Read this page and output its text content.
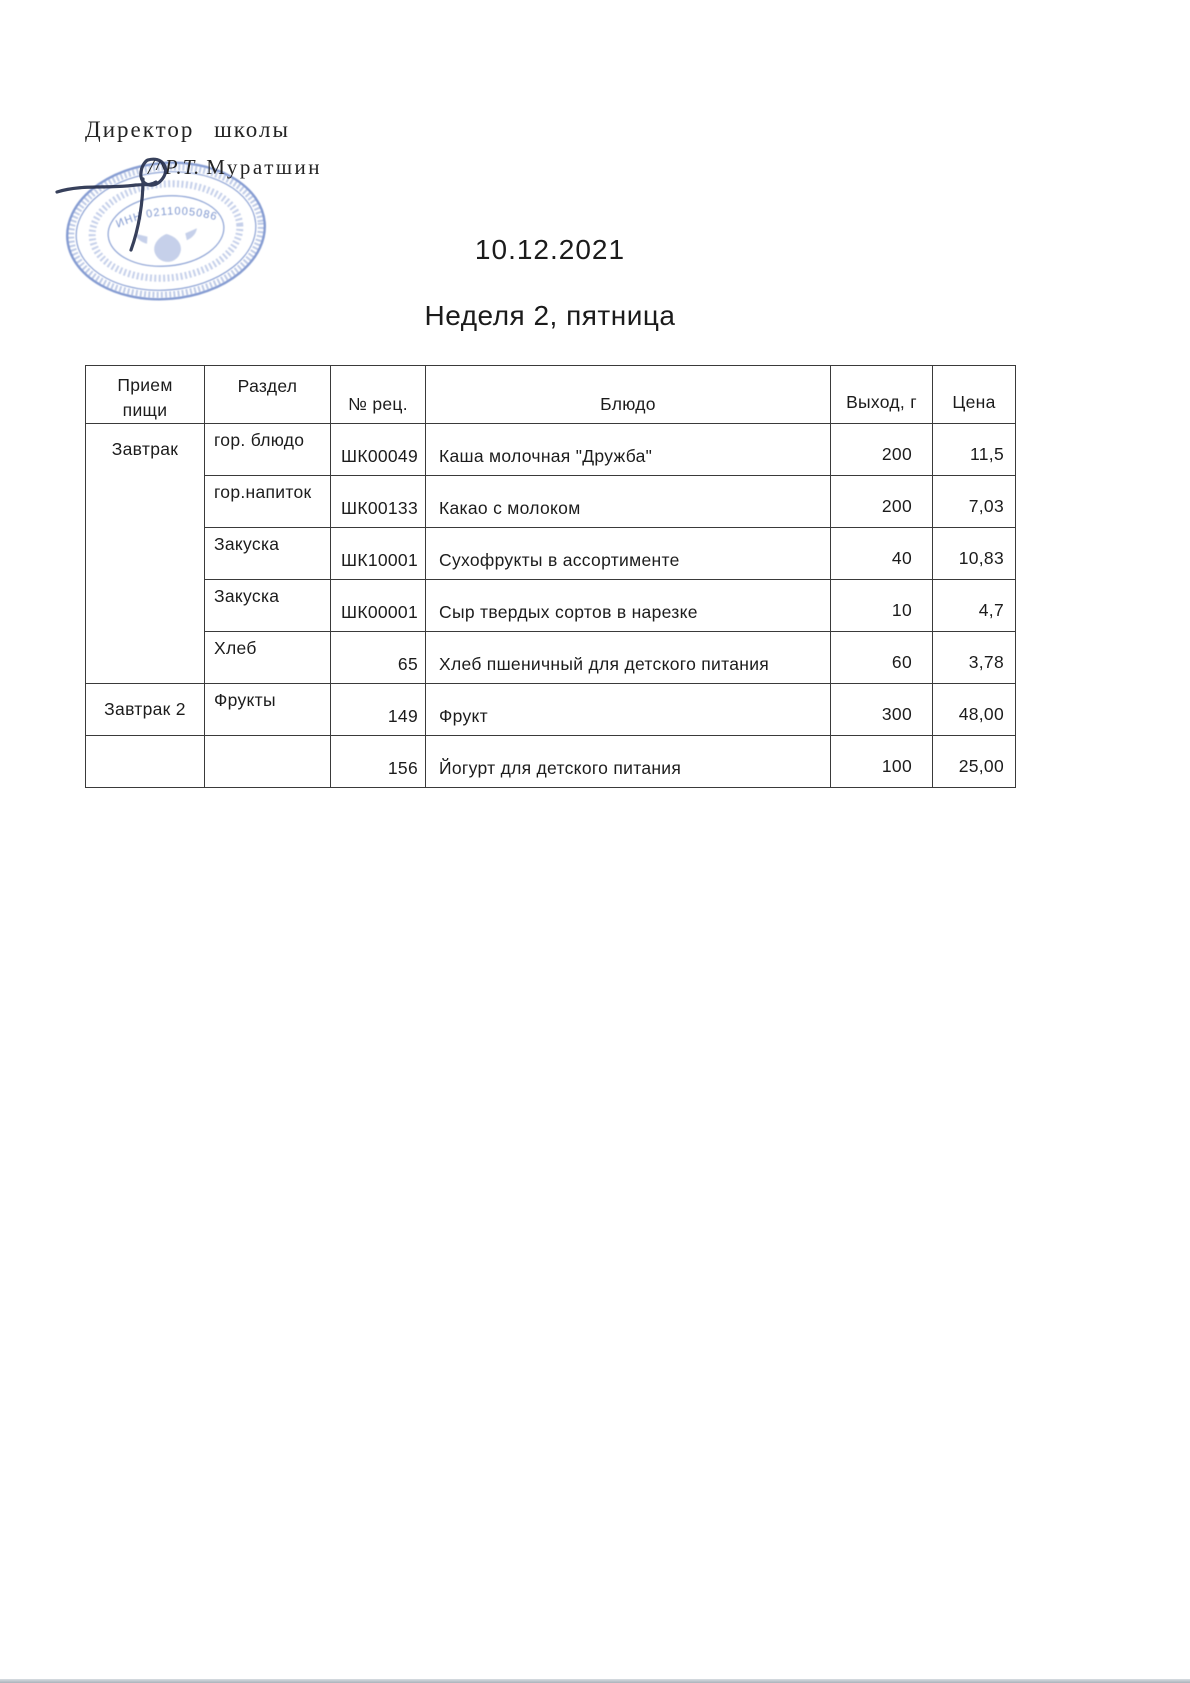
Директор школы
ИНН 0211005086
/^Р.Т. Муратшин
10.12.2021
Неделя 2, пятница
Прием
пищи	Раздел	№ рец.	Блюдо	Выход, г	Цена
Завтрак	гор. блюдо	ШК00049	Каша молочная "Дружба"	200	11,5
	гор.напиток	ШК00133	Какао с молоком	200	7,03
	Закуска	ШК10001	Сухофрукты в ассортименте	40	10,83
	Закуска	ШК00001	Сыр твердых сортов в нарезке	10	4,7
	Хлеб	65	Хлеб пшеничный для детского питания	60	3,78
Завтрак 2	Фрукты	149	Фрукт	300	48,00
		156	Йогурт для детского питания	100	25,00
